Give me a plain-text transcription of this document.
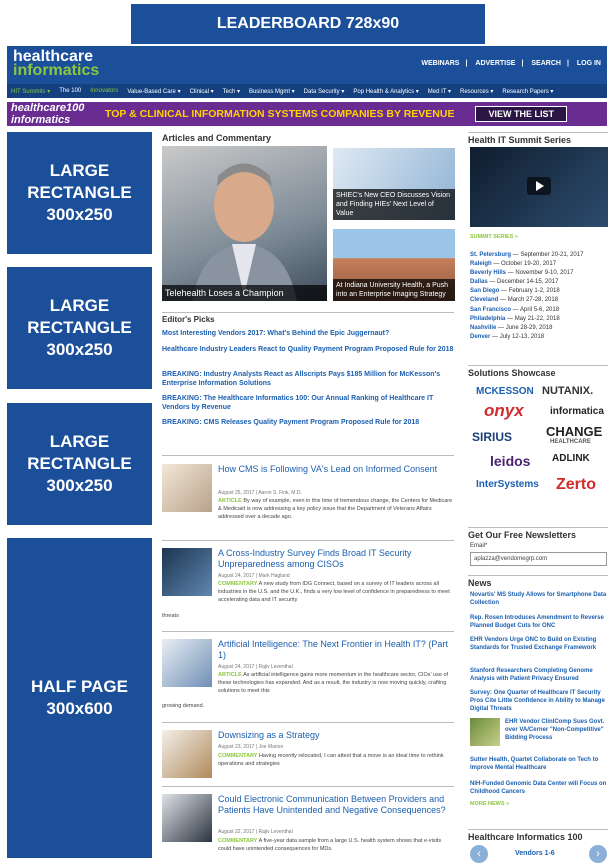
LEADERBOARD 728x90
healthcare
informatics	WEBINARS | ADVERTISE | SEARCH | LOG IN
HIT Summits ▾ The 100 Innovators Value-Based Care ▾ Clinical ▾ Tech ▾ Business Mgmt ▾ Data Security ▾ Pop Health & Analytics ▾ Med IT ▾ Resources ▾ Research Papers ▾
healthcare100 informatics	TOP & CLINICAL INFORMATION SYSTEMS COMPANIES BY REVENUE	VIEW THE LIST
LARGE
RECTANGLE
300x250
LARGE
RECTANGLE
300x250
LARGE
RECTANGLE
300x250
HALF PAGE
300x600
Articles and Commentary
Telehealth Loses a Champion
SHIEC's New CEO Discusses Vision and Finding HIEs' Next Level of Value
At Indiana University Health, a Push into an Enterprise Imaging Strategy
Editor's Picks
Most Interesting Vendors 2017: What's Behind the Epic Juggernaut?
Healthcare Industry Leaders React to Quality Payment Program Proposed Rule for 2018
BREAKING: Industry Analysts React as Allscripts Pays $185 Million for McKesson's Enterprise Information Solutions
BREAKING: The Healthcare Informatics 100: Our Annual Ranking of Healthcare IT Vendors by Revenue
BREAKING: CMS Releases Quality Payment Program Proposed Rule for 2018
How CMS is Following VA's Lead on Informed Consent
August 25, 2017 | Aaron S. Fink, M.D.
ARTICLE By way of example, even in this time of tremendous change, the Centers for Medicare & Medicaid is now addressing a key policy issue that the Department of Veterans Affairs addressed over a decade ago.
A Cross-Industry Survey Finds Broad IT Security Unpreparedness among CISOs
August 24, 2017 | Mark Hagland
COMMENTARY A new study from IDG Connect, based on a survey of IT leaders across all industries in the U.S. and the U.K., finds a very low level of confidence in preparedness to meet accelerating data and IT security
threats
Artificial Intelligence: The Next Frontier in Health IT? (Part 1)
August 24, 2017 | Rajiv Leventhal
ARTICLE As artificial intelligence gains more momentum in the healthcare sector, CIOs' use of these technologies has expanded. And as a result, the industry is now moving quickly, crafting solutions to meet this
growing demand.
Downsizing as a Strategy
August 23, 2017 | Joe Marion
COMMENTARY Having recently relocated, I can attest that a move is an ideal time to rethink operations and strategies
Could Electronic Communication Between Providers and Patients Have Unintended and Negative Consequences?
August 22, 2017 | Rajiv Leventhal
COMMENTARY A five-year data sample from a large U.S. health system shows that e-visits could have unintended consequences for MDs.
Health IT Summit Series
SUMMIT SERIES »
St. Petersburg — September 20-21, 2017
Raleigh — October 19-20, 2017
Beverly Hills — November 9-10, 2017
Dallas — December 14-15, 2017
San Diego — February 1-2, 2018
Cleveland — March 27-28, 2018
San Francisco — April 5-6, 2018
Philadelphia — May 21-22, 2018
Nashville — June 28-29, 2018
Denver — July 12-13, 2018
Solutions Showcase
MCKESSON NUTANIX.
onyx	informatica
SIRIUS	CHANGE
HEALTHCARE
leidos ADLINK
InterSystems Zerto
Get Our Free Newsletters
Email*
aplazza@vendomegrp.com
News
Novartis' MS Study Allows for Smartphone Data Collection
Rep. Rosen Introduces Amendment to Reverse Planned Budget Cuts for ONC
EHR Vendors Urge ONC to Build on Existing Standards for Trusted Exchange Framework
Stanford Researchers Completing Genome Analysis with Patient Privacy Ensured
Survey: One Quarter of Healthcare IT Security Pros Cite Little Confidence in Ability to Manage Digital Threats
EHR Vendor ClinIComp Sues Govt. over VA/Cerner "Non-Competitive" Bidding Process
Sutter Health, Quartet Collaborate on Tech to Improve Mental Healthcare
NIH-Funded Genomic Data Center will Focus on Childhood Cancers
MORE NEWS »
Healthcare Informatics 100
‹	Vendors 1-6	›
